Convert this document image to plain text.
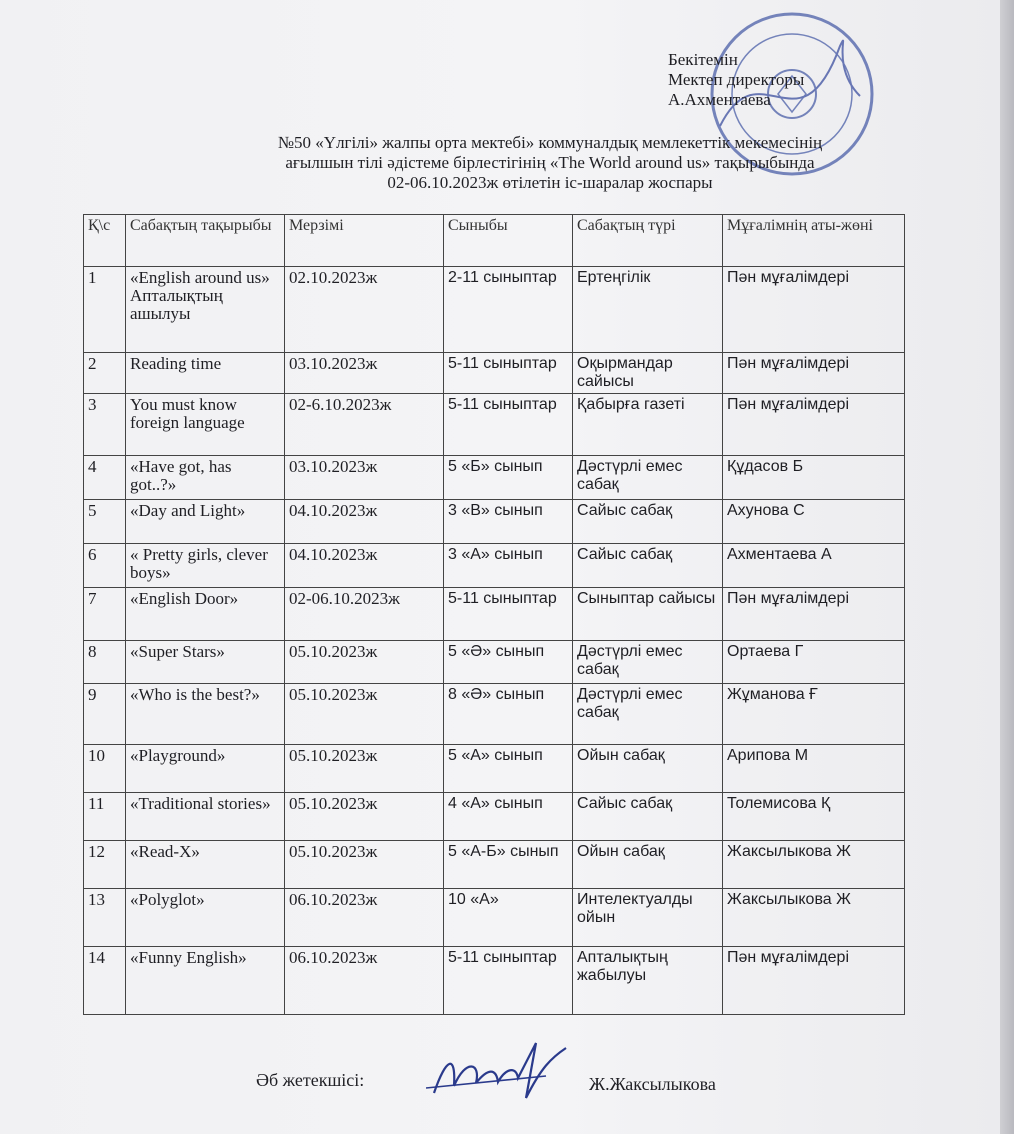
Бекітемін
Мектеп директоры
А.Ахментаева
№50 «Үлгілі» жалпы орта мектебі» коммуналдық мемлекеттік мекемесінің
ағылшын тілі әдістеме бірлестігінің «The World around us» тақырыбында
02-06.10.2023ж өтілетін іс-шаралар жоспары
Қ\с	Сабақтың тақырыбы	Мерзімі	Сыныбы	Сабақтың түрі	Мұғалімнің аты-жөні
1	«English around us» Апталықтың ашылуы	02.10.2023ж	2-11 сыныптар	Ертеңгілік	Пән мұғалімдері
2	Reading time	03.10.2023ж	5-11 сыныптар	Оқырмандар сайысы	Пән мұғалімдері
3	You must know foreign language	02-6.10.2023ж	5-11 сыныптар	Қабырға газеті	Пән мұғалімдері
4	«Have got, has got..?»	03.10.2023ж	5 «Б» сынып	Дәстүрлі емес сабақ	Құдасов Б
5	«Day and Light»	04.10.2023ж	3 «В» сынып	Сайыс сабақ	Ахунова С
6	« Pretty girls, clever boys»	04.10.2023ж	3 «А» сынып	Сайыс сабақ	Ахментаева А
7	«English Door»	02-06.10.2023ж	5-11 сыныптар	Сыныптар сайысы	Пән мұғалімдері
8	«Super Stars»	05.10.2023ж	5 «Ә» сынып	Дәстүрлі емес сабақ	Ортаева Г
9	«Who is the best?»	05.10.2023ж	8 «Ә» сынып	Дәстүрлі емес сабақ	Жұманова Ғ
10	«Playground»	05.10.2023ж	5 «А» сынып	Ойын сабақ	Арипова М
11	«Traditional stories»	05.10.2023ж	4 «А» сынып	Сайыс сабақ	Толемисова Қ
12	«Read-X»	05.10.2023ж	5 «А-Б» сынып	Ойын сабақ	Жаксылыкова Ж
13	«Polyglot»	06.10.2023ж	10 «А»	Интелектуалды ойын	Жаксылыкова Ж
14	«Funny English»	06.10.2023ж	5-11 сыныптар	Апталықтың жабылуы	Пән мұғалімдері
Әб жетекшісі:	Ж.Жаксылыкова
